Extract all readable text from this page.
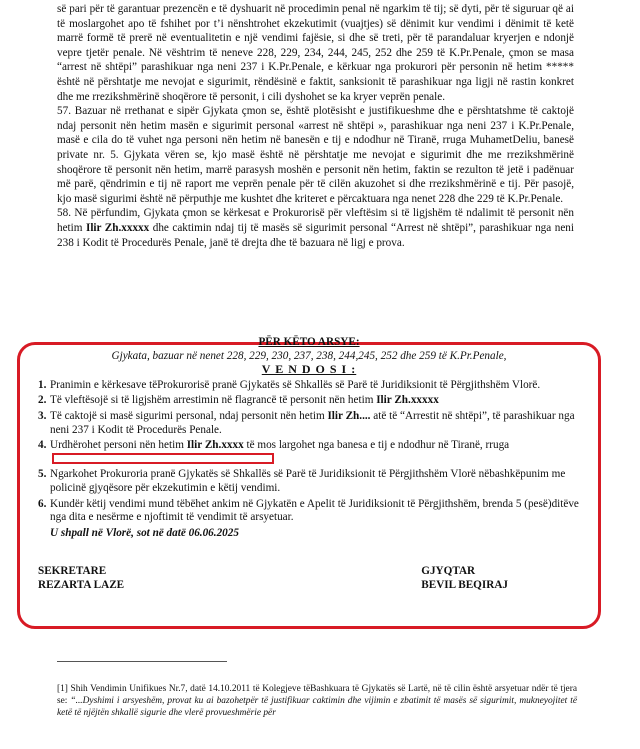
së pari për të garantuar prezencën e të dyshuarit në procedimin penal në ngarkim të tij; së dyti, për të siguruar që ai të moslargohet apo të fshihet por t’i nënshtrohet ekzekutimit (vuajtjes) së dënimit kur vendimi i dënimit të ketë marrë formë të prerë në eventualitetin e një vendimi fajësie, si dhe së treti, për të parandaluar kryerjen e ndonjë vepre tjetër penale. Në vështrim të neneve 228, 229, 234, 244, 245, 252 dhe 259 të K.Pr.Penale, çmon se masa “arrest në shtëpi” parashikuar nga neni 237 i K.Pr.Penale, e kërkuar nga prokurori për personin në hetim ***** është në përshtatje me nevojat e sigurimit, rëndësinë e faktit, sanksionit të parashikuar nga ligji në rastin konkret dhe me rrezikshmërinë shoqërore të personit, i cili dyshohet se ka kryer veprën penale.

57. Bazuar në rrethanat e sipër Gjykata çmon se, është plotësisht e justifikueshme dhe e përshtatshme të caktojë ndaj personit nën hetim masën e sigurimit personal «arrest në shtëpi », parashikuar nga neni 237 i K.Pr.Penale, masë e cila do të vuhet nga personi nën hetim në banesën e tij e ndodhur në Tiranë, rruga MuhametDeliu, banesë private nr. 5. Gjykata vëren se, kjo masë është në përshtatje me nevojat e sigurimit dhe me rrezikshmërinë shoqërore të personit nën hetim, marrë parasysh moshën e personit nën hetim, faktin se rezulton të jetë i padënuar më parë, qëndrimin e tij në raport me veprën penale për të cilën akuzohet si dhe rrezikshmërinë e tij. Për pasojë, kjo masë sigurimi është në përputhje me kushtet dhe kriteret e përcaktuara nga nenet 228 dhe 229 të K.Pr.Penale.

58. Në përfundim, Gjykata çmon se kërkesat e Prokurorisë për vleftësim si të ligjshëm të ndalimit të personit nën hetim Ilir Zh.xxxxx dhe caktimin ndaj tij të masës së sigurimit personal “Arrest në shtëpi”, parashikuar nga neni 238 i Kodit të Procedurës Penale, janë të drejta dhe të bazuara në ligj e prova.

PËR KËTO ARSYE:
Gjykata, bazuar në nenet 228, 229, 230, 237, 238, 244,245, 252 dhe 259 të K.Pr.Penale,
V E N D O S I :
1. Pranimin e kërkesave tëProkurorisë pranë Gjykatës së Shkallës së Parë të Juridiksionit të Përgjithshëm Vlorë.
2. Të vleftësojë si të ligjshëm arrestimin në flagrancë të personit nën hetim Ilir Zh.xxxxx
3. Të caktojë si masë sigurimi personal, ndaj personit nën hetim Ilir Zh.... atë të “Arrestit në shtëpi”, të parashikuar nga neni 237 i Kodit të Procedurës Penale.
4. Urdhërohet personi nën hetim Ilir Zh.xxxx të mos largohet nga banesa e tij e ndodhur në Tiranë, rruga
5. Ngarkohet Prokuroria pranë Gjykatës së Shkallës së Parë të Juridiksionit të Përgjithshëm Vlorë nëbashkëpunim me policinë gjyqësore për ekzekutimin e këtij vendimi.
6. Kundër këtij vendimi mund tëbëhet ankim në Gjykatën e Apelit të Juridiksionit të Përgjithshëm, brenda 5 (pesë)ditëve nga dita e nesërme e njoftimit të vendimit të arsyetuar.
U shpall në Vlorë, sot në datë 06.06.2025
SEKRETARE
REZARTA LAZE
GJYQTAR
BEVIL BEQIRAJ
[1] Shih Vendimin Unifikues Nr.7, datë 14.10.2011 të Kolegjeve tëBashkuara të Gjykatës së Lartë, në të cilin është arsyetuar ndër të tjera se: “...Dyshimi i arsyeshëm, provat ku ai bazohetpër të justifikuar caktimin dhe vijimin e zbatimit të masës së sigurimit, mukneyojitet të ketë të njëjtën shkallë sigurie dhe vlerë provueshmërie për
